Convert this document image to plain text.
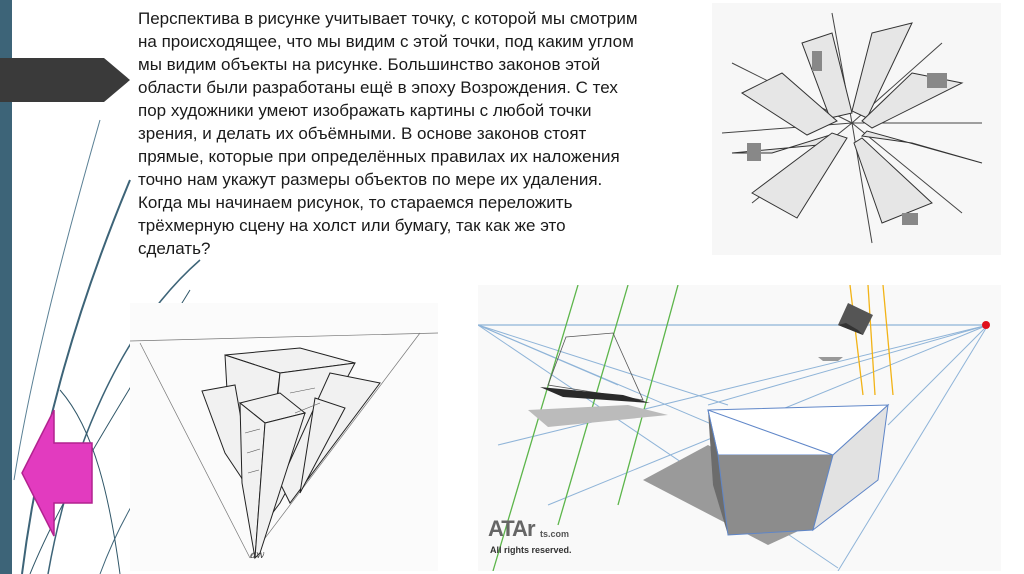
Перспектива в рисунке учитывает точку, с которой мы смотрим на происходящее, что мы видим с этой точки, под каким углом мы видим объекты на рисунке. Большинство законов этой области были разработаны ещё в эпоху Возрождения. С тех пор художники умеют изображать картины с любой точки зрения, и делать их объёмными. В основе законов стоят прямые, которые при определённых правилах их наложения точно нам укажут размеры объектов по мере их удаления. Когда мы начинаем рисунок, то стараемся переложить трёхмерную сцену на холст или бумагу, так как же это сделать?

aw
ATAr ts.com
All rights reserved.
